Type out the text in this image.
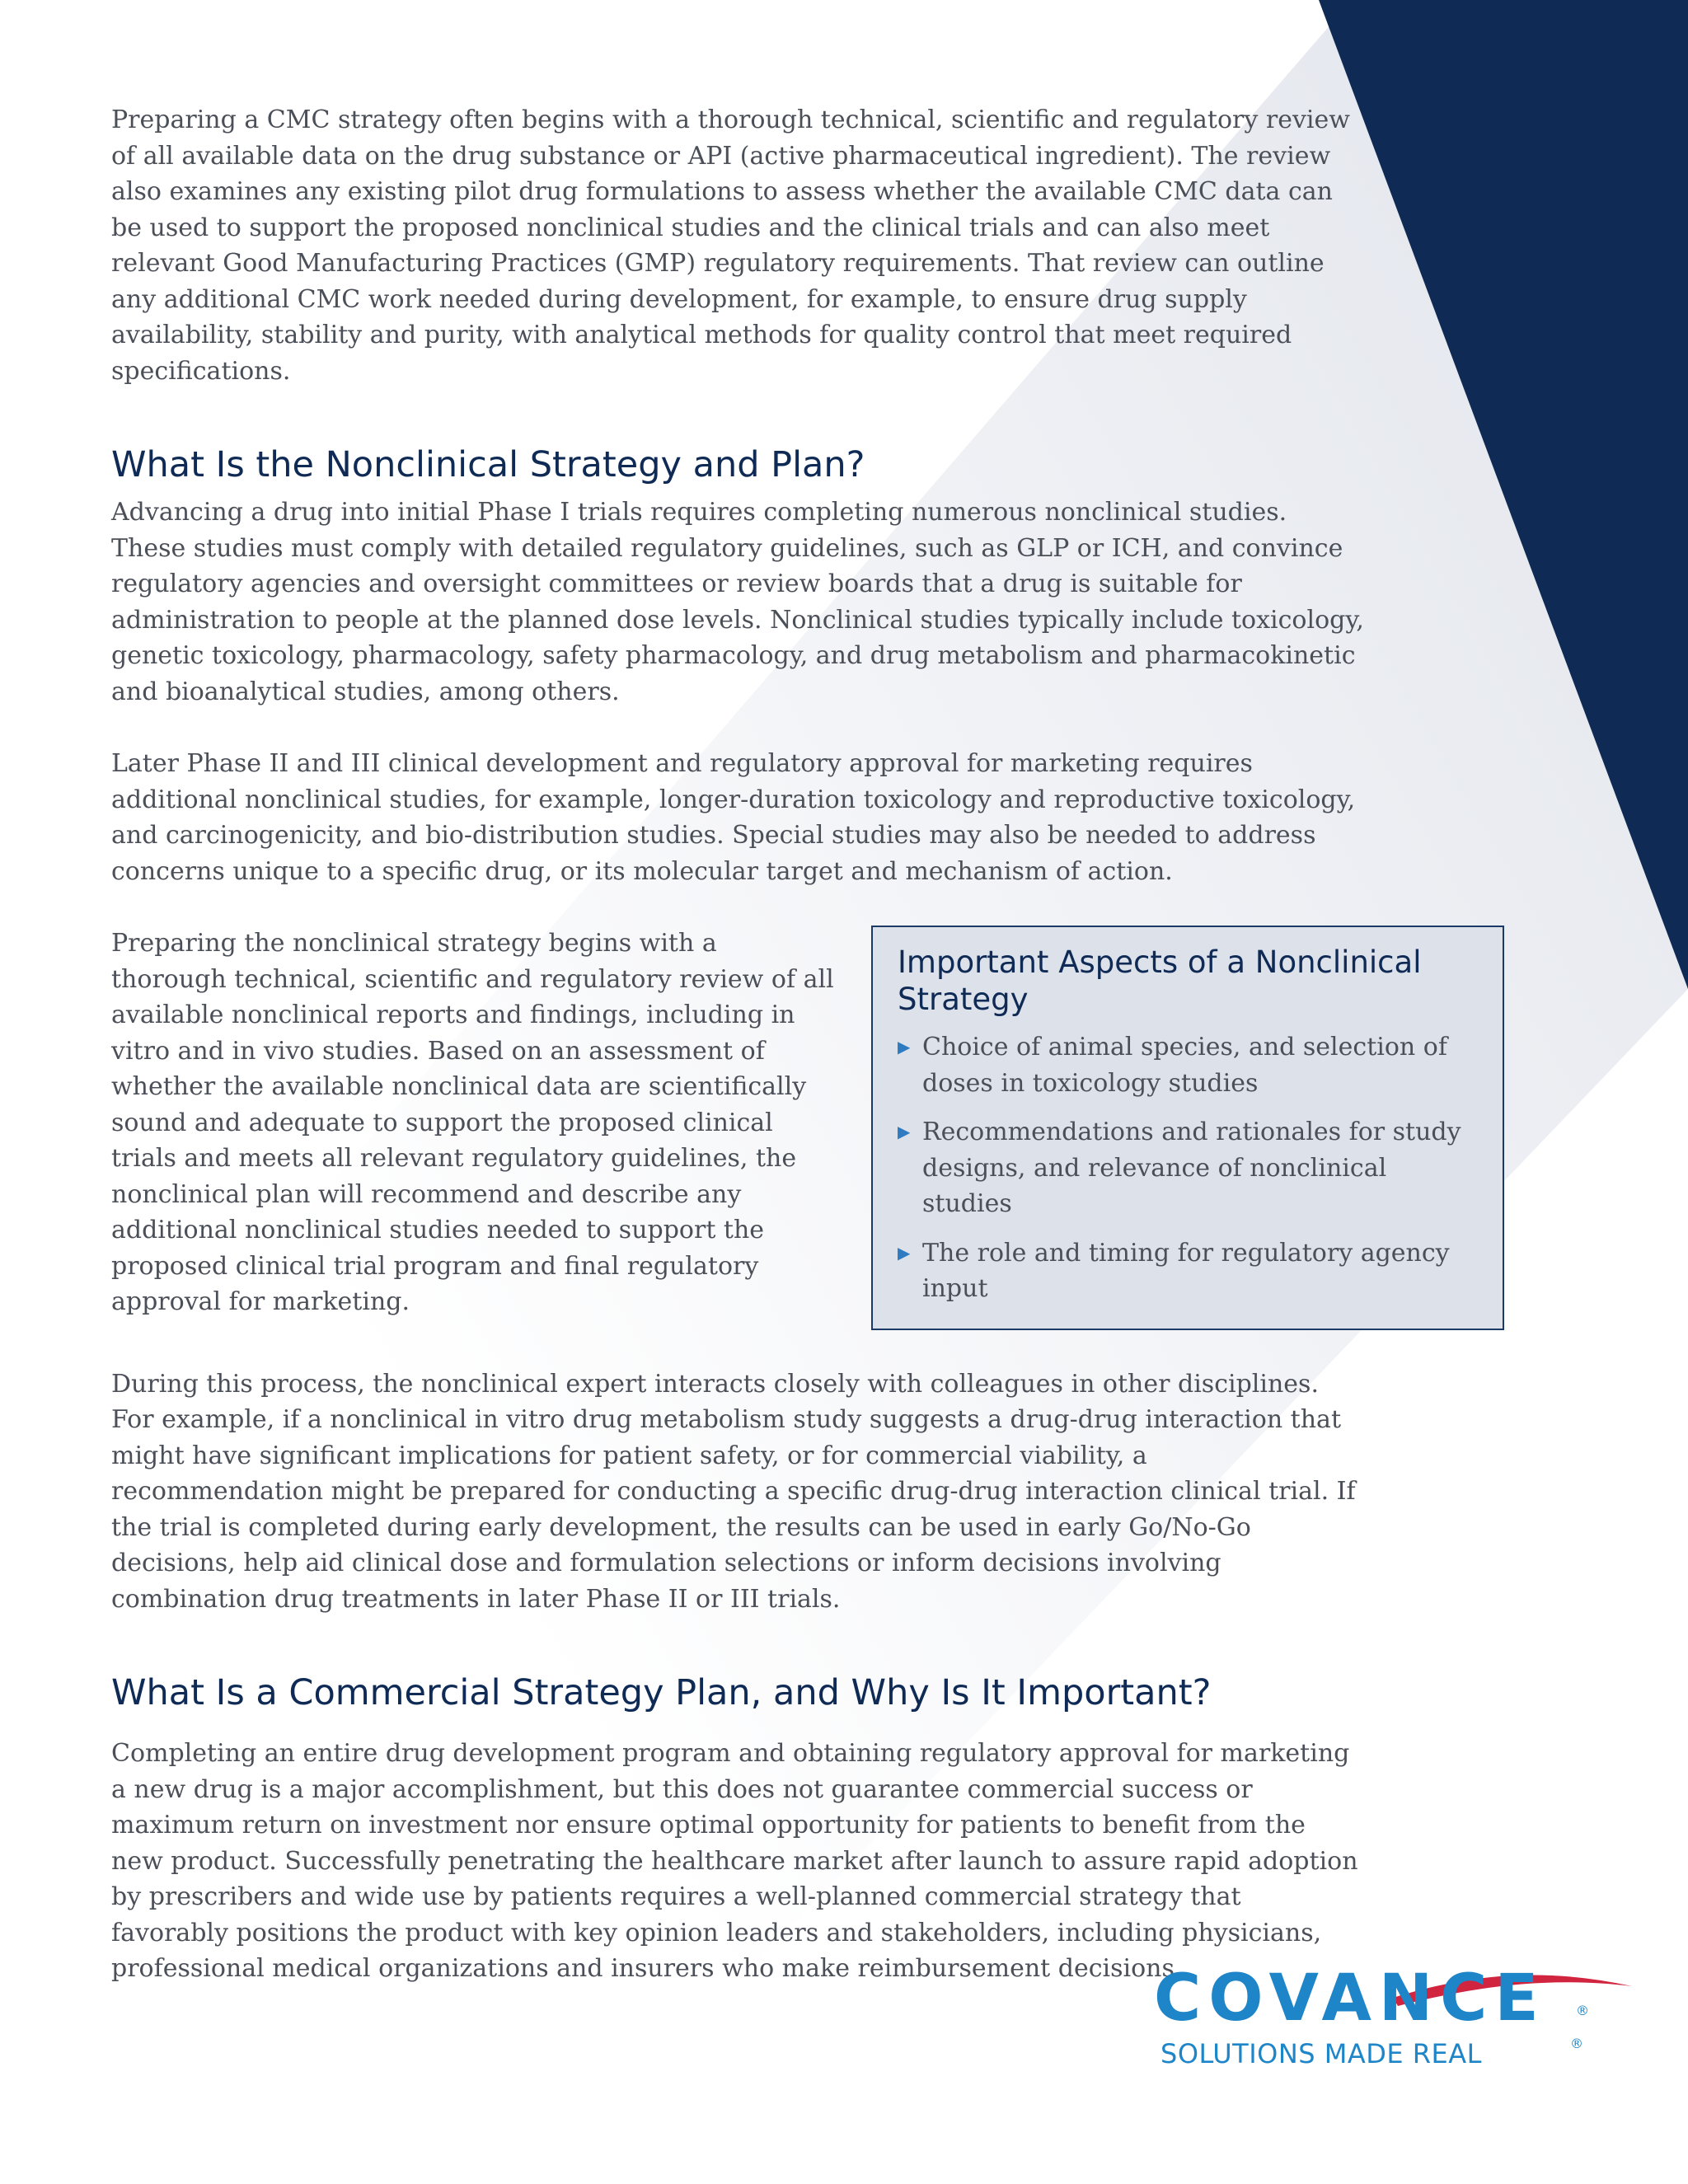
Preparing a CMC strategy often begins with a thorough technical, scientific and regulatory review of all available data on the drug substance or API (active pharmaceutical ingredient). The review also examines any existing pilot drug formulations to assess whether the available CMC data can be used to support the proposed nonclinical studies and the clinical trials and can also meet relevant Good Manufacturing Practices (GMP) regulatory requirements. That review can outline any additional CMC work needed during development, for example, to ensure drug supply availability, stability and purity, with analytical methods for quality control that meet required specifications.

What Is the Nonclinical Strategy and Plan?

Advancing a drug into initial Phase I trials requires completing numerous nonclinical studies. These studies must comply with detailed regulatory guidelines, such as GLP or ICH, and convince regulatory agencies and oversight committees or review boards that a drug is suitable for administration to people at the planned dose levels. Nonclinical studies typically include toxicology, genetic toxicology, pharmacology, safety pharmacology, and drug metabolism and pharmacokinetic and bioanalytical studies, among others.

Later Phase II and III clinical development and regulatory approval for marketing requires additional nonclinical studies, for example, longer-duration toxicology and reproductive toxicology, and carcinogenicity, and bio-distribution studies. Special studies may also be needed to address concerns unique to a specific drug, or its molecular target and mechanism of action.

Preparing the nonclinical strategy begins with a thorough technical, scientific and regulatory review of all available nonclinical reports and findings, including in vitro and in vivo studies. Based on an assessment of whether the available nonclinical data are scientifically sound and adequate to support the proposed clinical trials and meets all relevant regulatory guidelines, the nonclinical plan will recommend and describe any additional nonclinical studies needed to support the proposed clinical trial program and final regulatory approval for marketing.

Important Aspects of a Nonclinical Strategy
▶ Choice of animal species, and selection of doses in toxicology studies
▶ Recommendations and rationales for study designs, and relevance of nonclinical studies
▶ The role and timing for regulatory agency input

During this process, the nonclinical expert interacts closely with colleagues in other disciplines. For example, if a nonclinical in vitro drug metabolism study suggests a drug-drug interaction that might have significant implications for patient safety, or for commercial viability, a recommendation might be prepared for conducting a specific drug-drug interaction clinical trial. If the trial is completed during early development, the results can be used in early Go/No-Go decisions, help aid clinical dose and formulation selections or inform decisions involving combination drug treatments in later Phase II or III trials.

What Is a Commercial Strategy Plan, and Why Is It Important?

Completing an entire drug development program and obtaining regulatory approval for marketing a new drug is a major accomplishment, but this does not guarantee commercial success or maximum return on investment nor ensure optimal opportunity for patients to benefit from the new product. Successfully penetrating the healthcare market after launch to assure rapid adoption by prescribers and wide use by patients requires a well-planned commercial strategy that favorably positions the product with key opinion leaders and stakeholders, including physicians, professional medical organizations and insurers who make reimbursement decisions.

COVANCE ®
SOLUTIONS MADE REAL	®
